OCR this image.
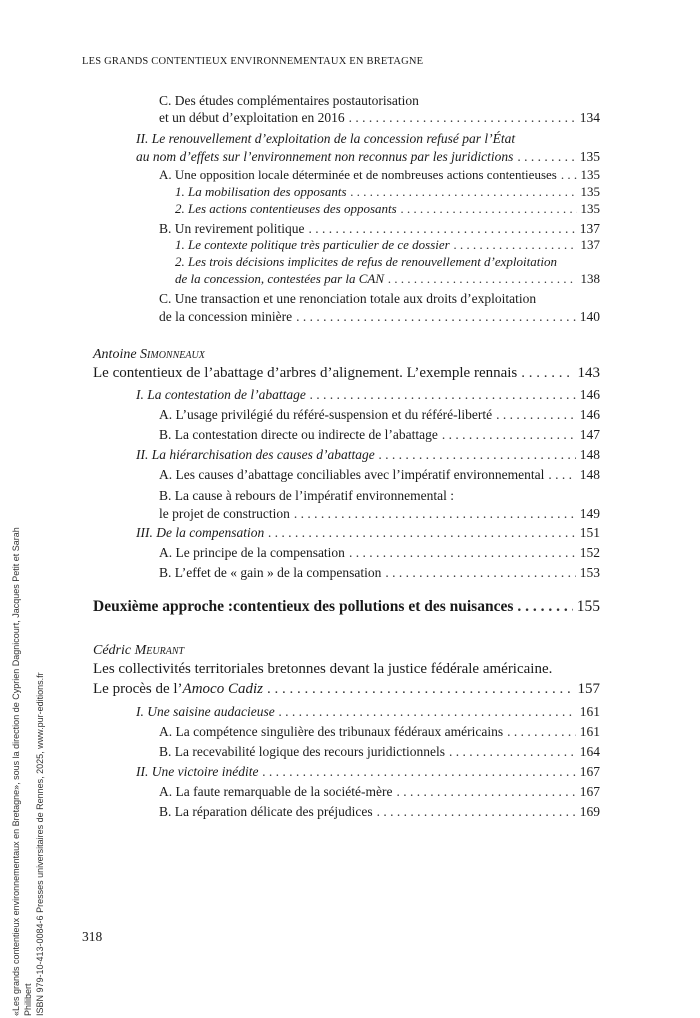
LES GRANDS CONTENTIEUX ENVIRONNEMENTAUX EN BRETAGNE
«Les grands contentieux environnementaux en Bretagne», sous la direction de Cyprien Dagnicourt, Jacques Petit et Sarah Philibert ISBN 979-10-413-0084-6 Presses universitaires de Rennes, 2025, www.pur-editions.fr
C. Des études complémentaires postautorisation
et un début d’exploitation en 2016 . . .	134
II. Le renouvellement d’exploitation de la concession refusé par l’État
au nom d’effets sur l’environnement non reconnus par les juridictions . . .	135
A. Une opposition locale déterminée et de nombreuses actions contentieuses . . . 135
1. La mobilisation des opposants . . .	135
2. Les actions contentieuses des opposants . . .	135
B. Un revirement politique . . .	137
1. Le contexte politique très particulier de ce dossier . . .	137
2. Les trois décisions implicites de refus de renouvellement d’exploitation
de la concession, contestées par la CAN . . .	138
C. Une transaction et une renonciation totale aux droits d’exploitation
de la concession minière . . .	140
Antoine Simonneaux
Le contentieux de l’abattage d’arbres d’alignement. L’exemple rennais . . .	143
I. La contestation de l’abattage . . .	146
A. L’usage privilégié du référé-suspension et du référé-liberté . . .	146
B. La contestation directe ou indirecte de l’abattage . . .	147
II. La hiérarchisation des causes d’abattage . . .	148
A. Les causes d’abattage conciliables avec l’impératif environnemental . . .	148
B. La cause à rebours de l’impératif environnemental :
le projet de construction . . .	149
III. De la compensation . . .	151
A. Le principe de la compensation . . .	152
B. L’effet de « gain » de la compensation . . .	153
Deuxième approche :contentieux des pollutions et des nuisances . . .	155
Cédric Meurant
Les collectivités territoriales bretonnes devant la justice fédérale américaine.
Le procès de l’Amoco Cadiz . . .	157
I. Une saisine audacieuse . . .	161
A. La compétence singulière des tribunaux fédéraux américains . . .	161
B. La recevabilité logique des recours juridictionnels . . .	164
II. Une victoire inédite . . .	167
A. La faute remarquable de la société-mère . . .	167
B. La réparation délicate des préjudices . . .	169
318
